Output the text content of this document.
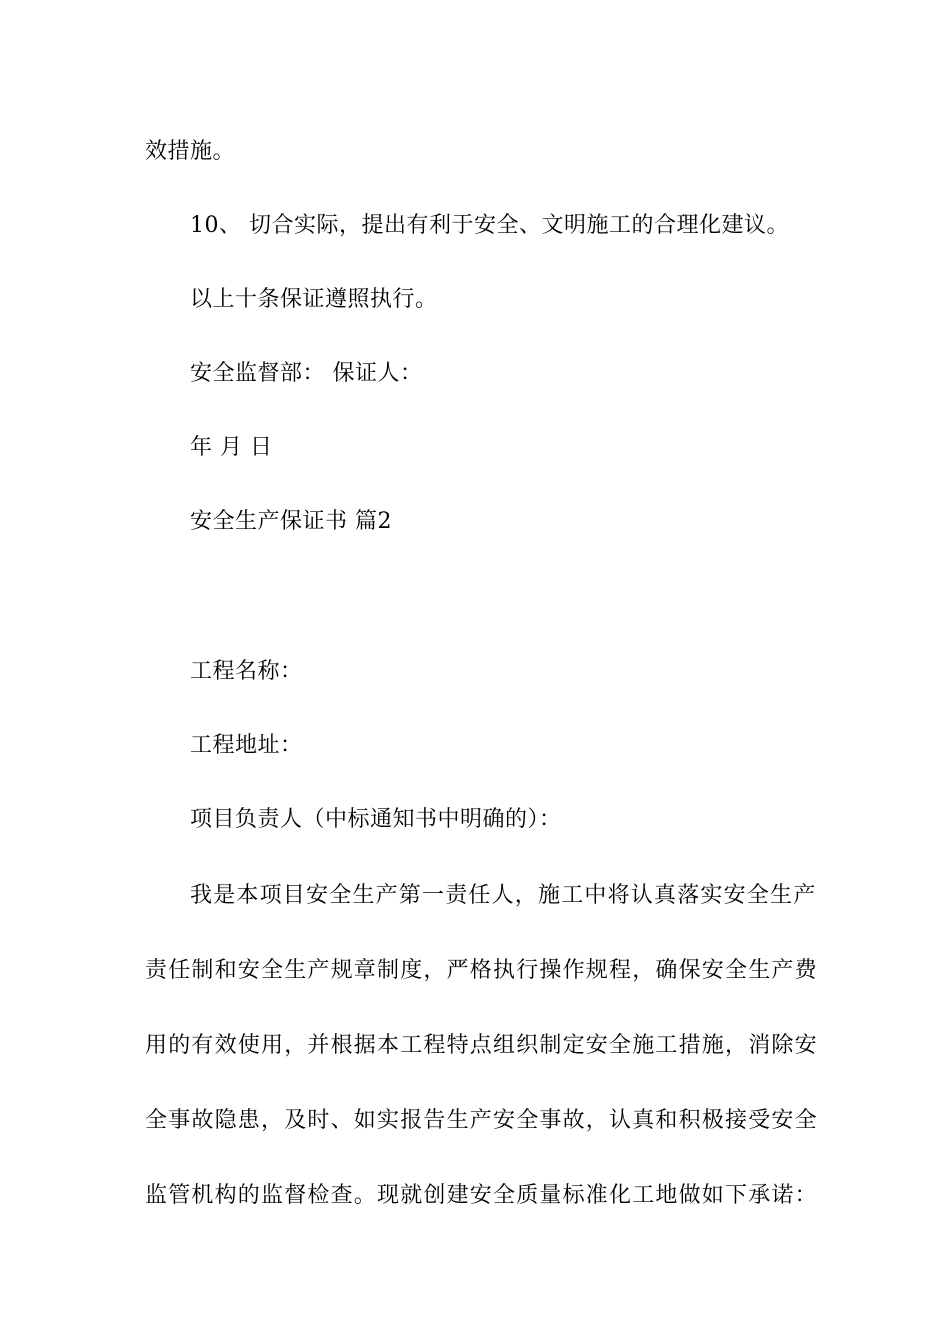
效措施。
10、 切合实际，提出有利于安全、文明施工的合理化建议。
以上十条保证遵照执行。
安全监督部： 保证人：
年 月 日
安全生产保证书 篇2
工程名称：
工程地址：
项目负责人（中标通知书中明确的）：
我是本项目安全生产第一责任人，施工中将认真落实安全生产
责任制和安全生产规章制度，严格执行操作规程，确保安全生产费
用的有效使用，并根据本工程特点组织制定安全施工措施，消除安
全事故隐患，及时、如实报告生产安全事故，认真和积极接受安全
监管机构的监督检查。现就创建安全质量标准化工地做如下承诺：
